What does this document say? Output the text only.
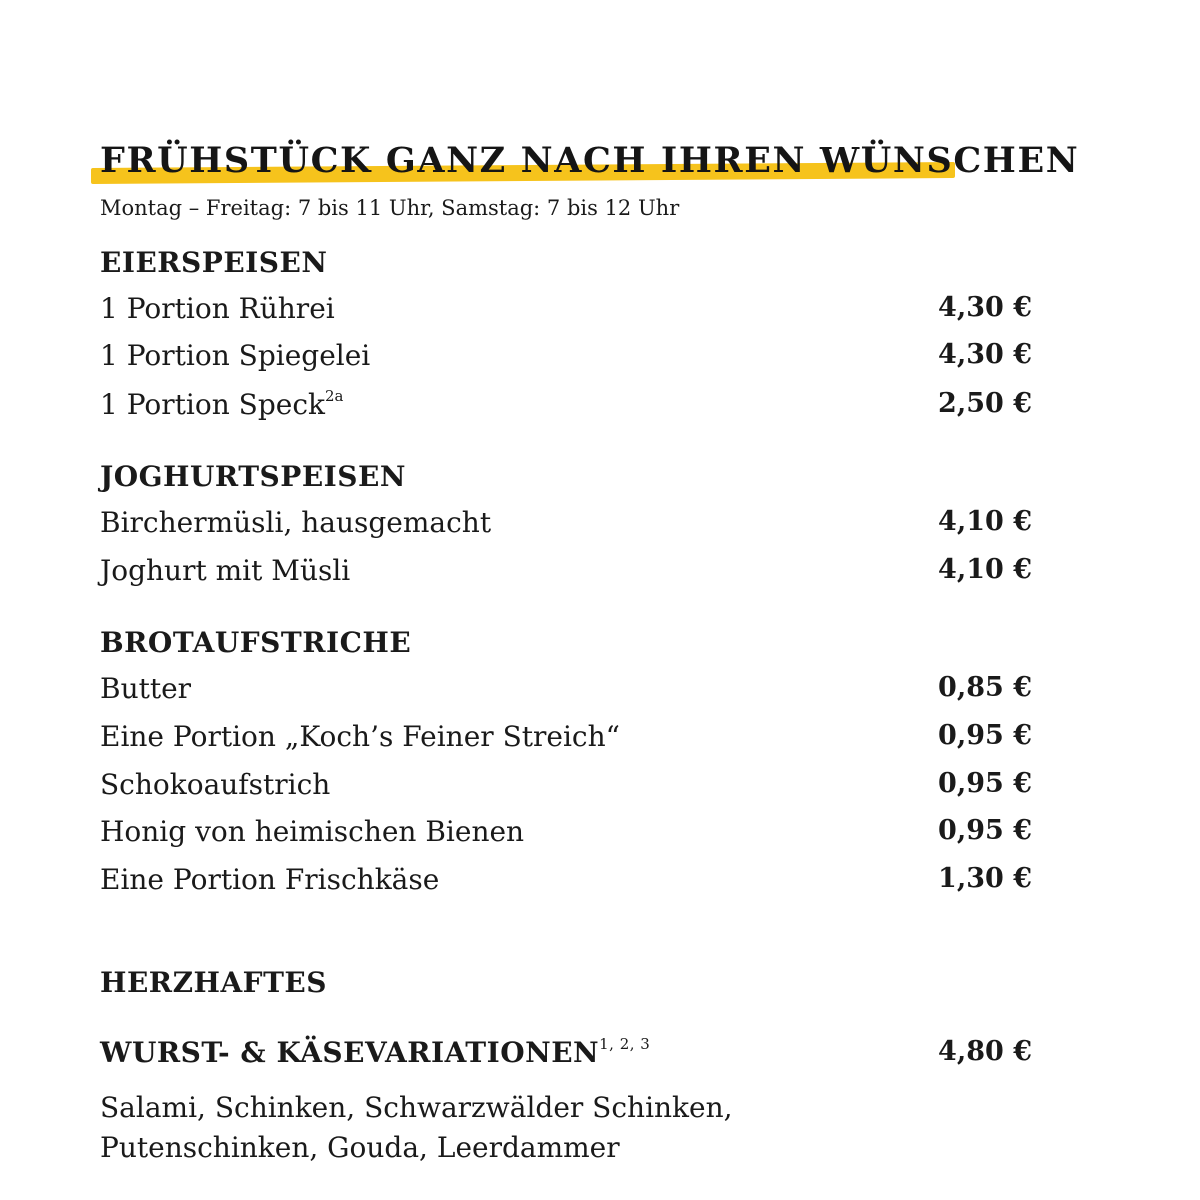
FRÜHSTÜCK GANZ NACH IHREN WÜNSCHEN
Montag – Freitag: 7 bis 11 Uhr, Samstag: 7 bis 12 Uhr
EIERSPEISEN
1 Portion Rührei	4,30 €
1 Portion Spiegelei	4,30 €
1 Portion Speck$^{2a}$	2,50 €
JOGHURTSPEISEN
Birchermüsli, hausgemacht	4,10 €
Joghurt mit Müsli	4,10 €
BROTAUFSTRICHE
Butter	0,85 €
Eine Portion „Koch’s Feiner Streich“	0,95 €
Schokoaufstrich	0,95 €
Honig von heimischen Bienen	0,95 €
Eine Portion Frischkäse	1,30 €
HERZHAFTES
WURST- & KÄSEVARIATIONEN$^{1, 2, 3}$	4,80 €
Salami, Schinken, Schwarzwälder Schinken,
Putenschinken, Gouda, Leerdammer
